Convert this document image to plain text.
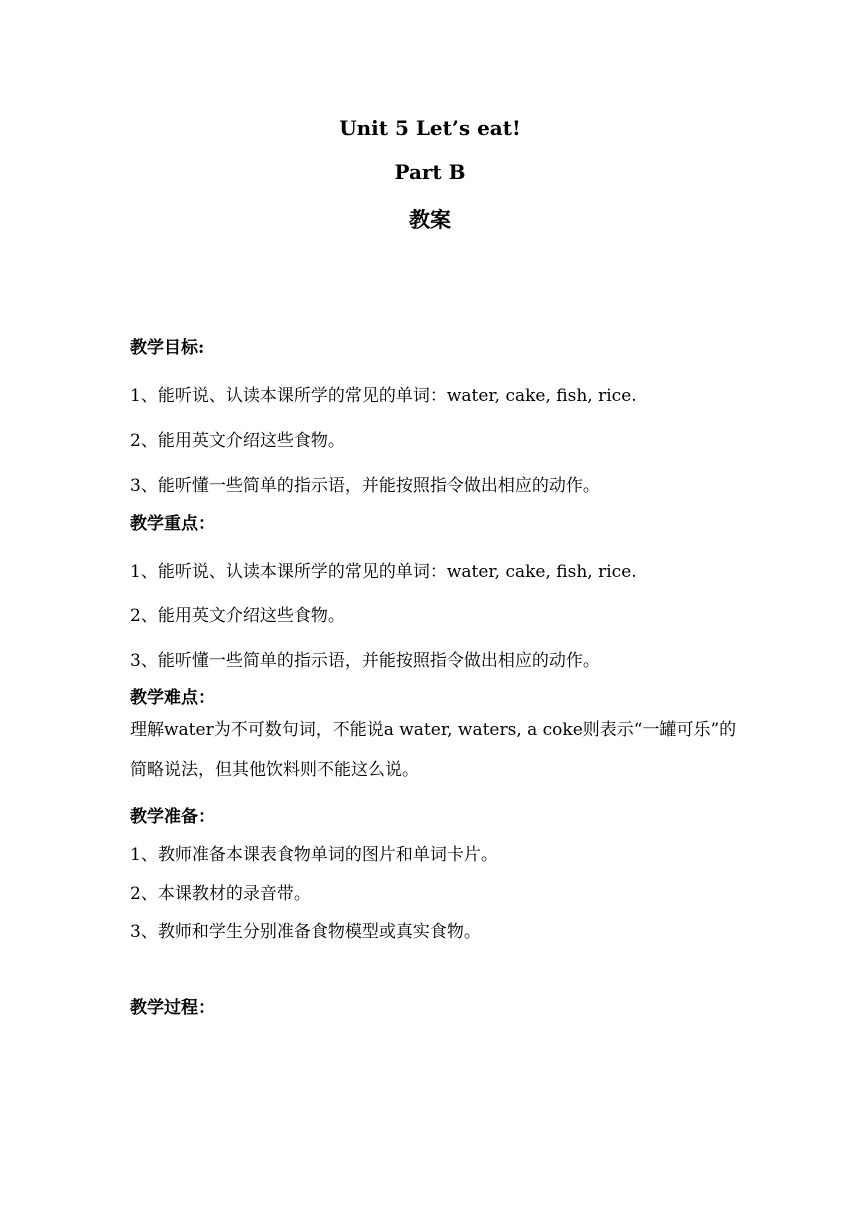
Unit 5 Let’s eat!
Part B
教案
教学目标:
1、能听说、认读本课所学的常见的单词：water, cake, fish, rice.
2、能用英文介绍这些食物。
3、能听懂一些简单的指示语，并能按照指令做出相应的动作。
教学重点：
1、能听说、认读本课所学的常见的单词：water, cake, fish, rice.
2、能用英文介绍这些食物。
3、能听懂一些简单的指示语，并能按照指令做出相应的动作。
教学难点：
理解water为不可数句词，不能说a water, waters, a coke则表示“一罐可乐”的简略说法，但其他饮料则不能这么说。
教学准备：
1、教师准备本课表食物单词的图片和单词卡片。
2、本课教材的录音带。
3、教师和学生分别准备食物模型或真实食物。
教学过程：
